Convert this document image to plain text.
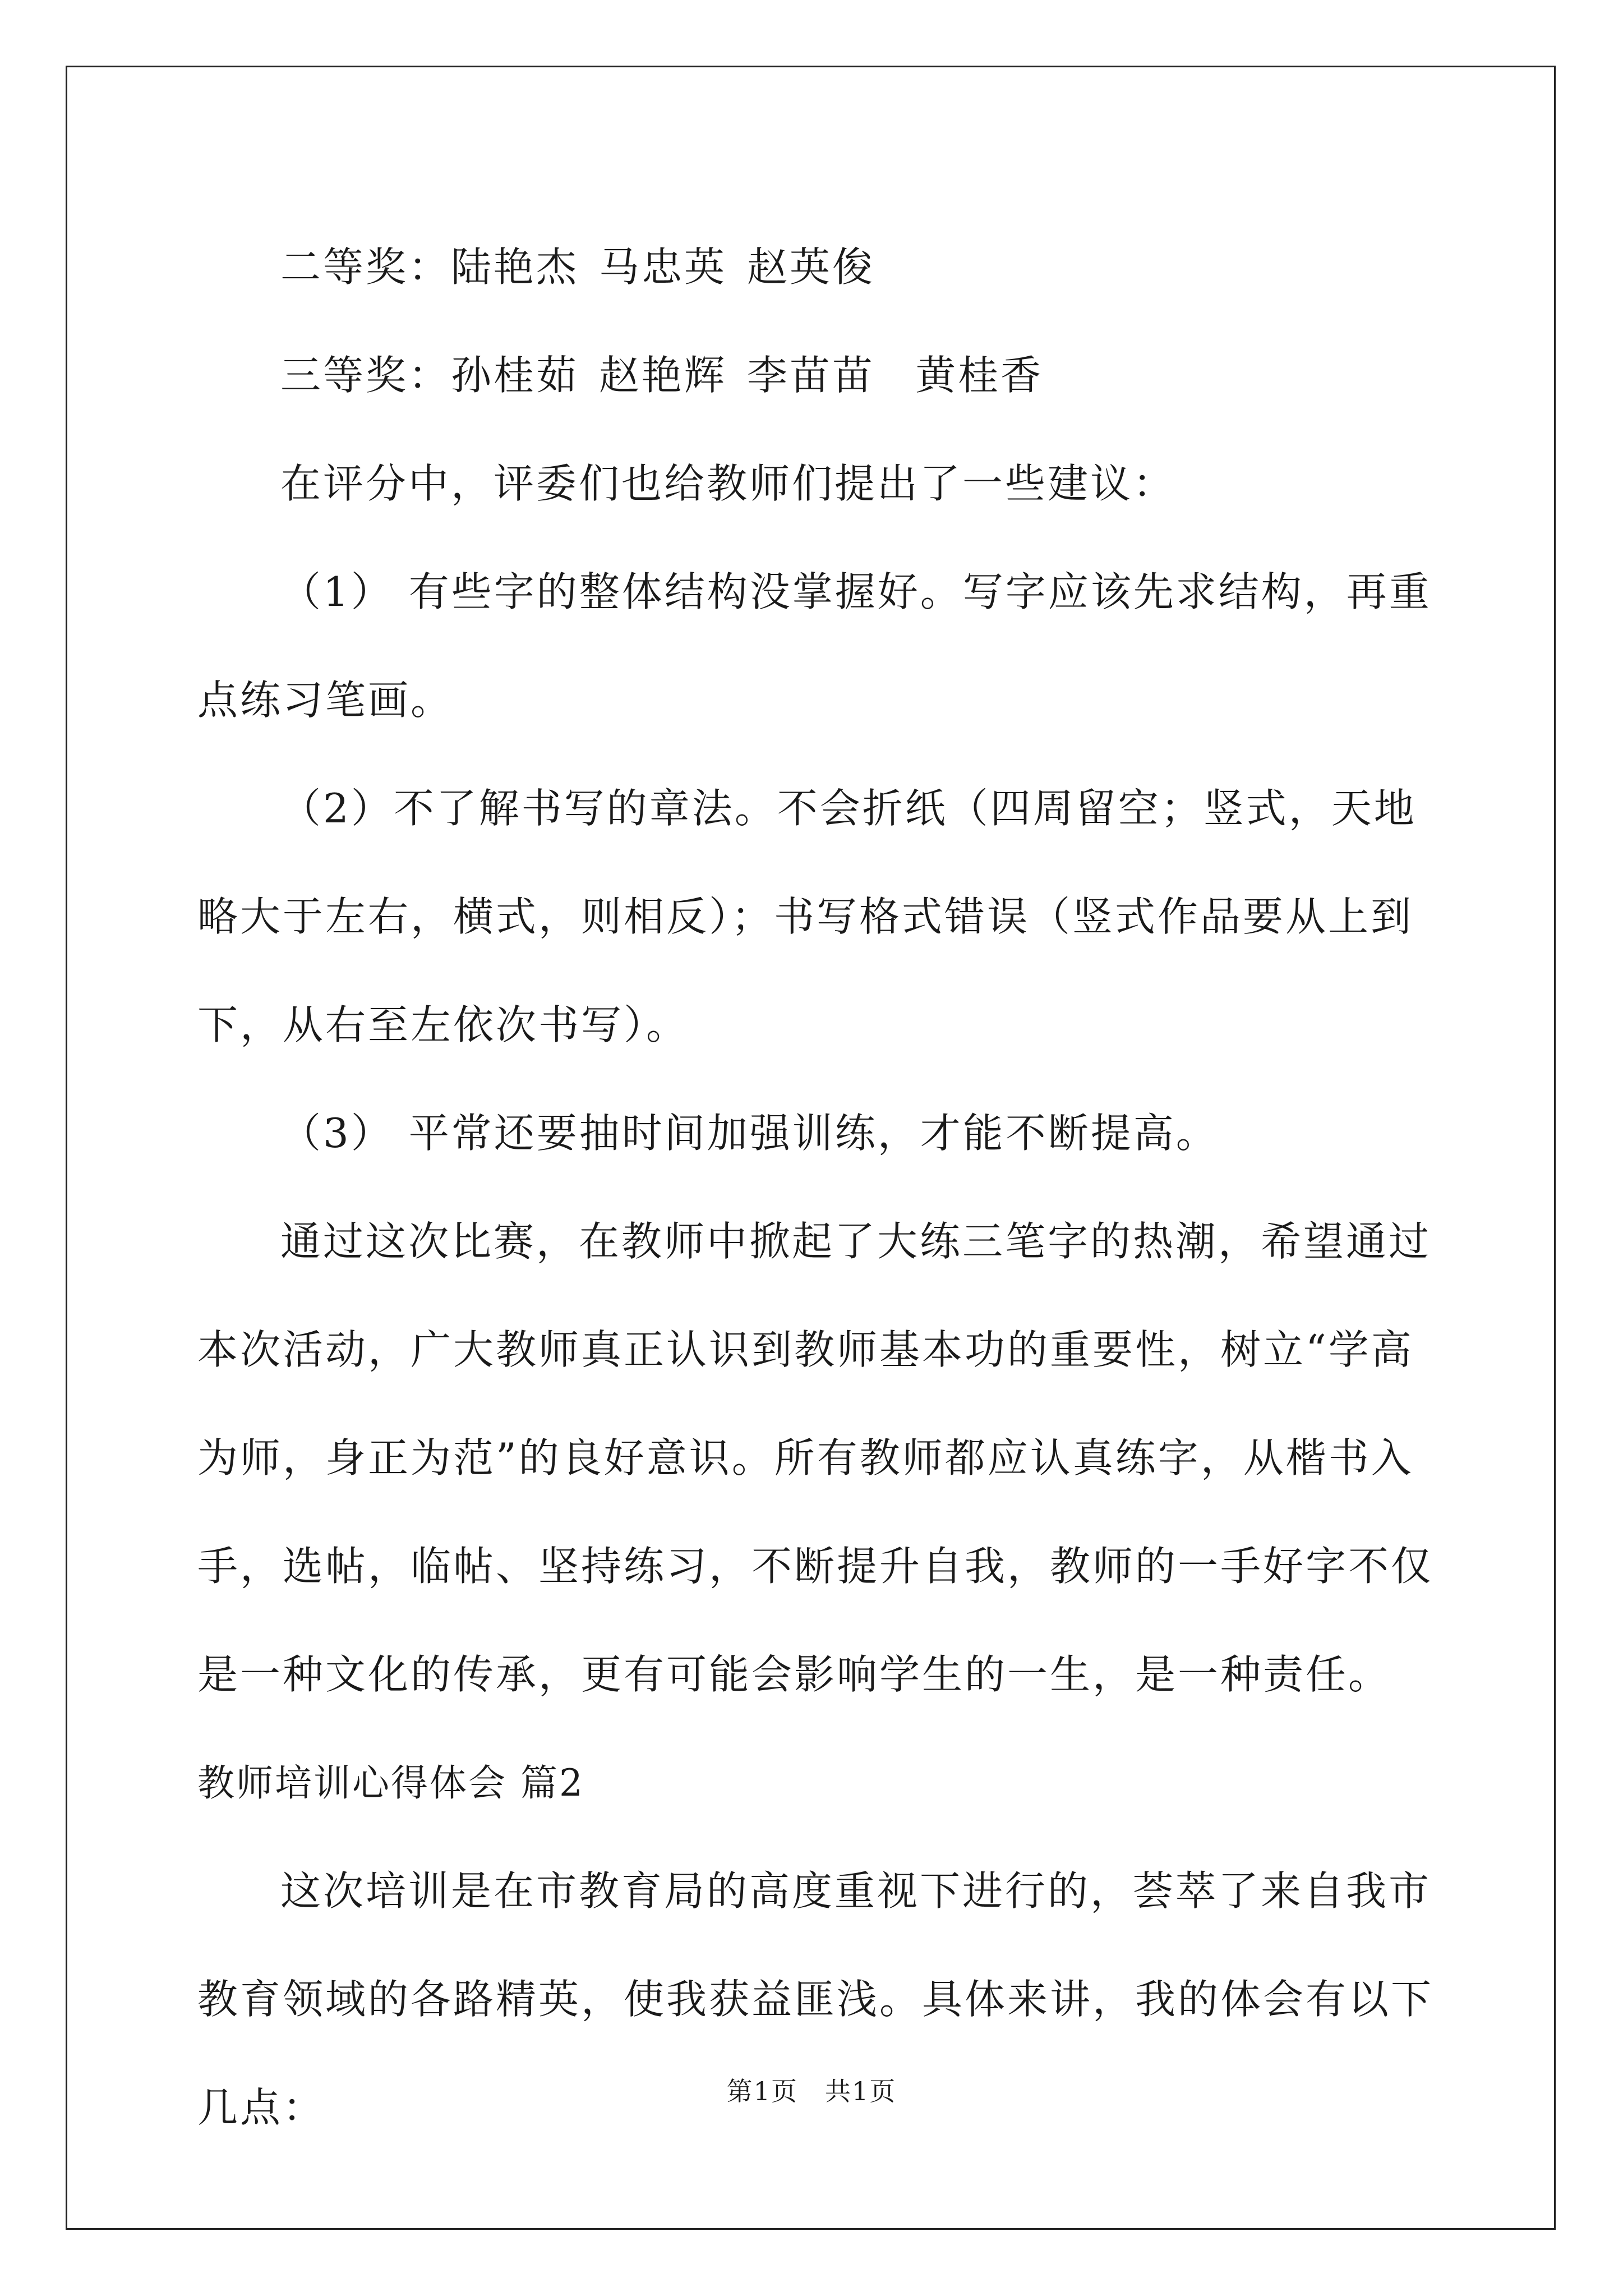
二等奖：陆艳杰 马忠英 赵英俊

三等奖：孙桂茹 赵艳辉 李苗苗 黄桂香

在评分中，评委们也给教师们提出了一些建议：

（1） 有些字的整体结构没掌握好。写字应该先求结构，再重点练习笔画。

（2）不了解书写的章法。不会折纸（四周留空；竖式，天地略大于左右，横式，则相反）；书写格式错误（竖式作品要从上到下，从右至左依次书写）。

（3） 平常还要抽时间加强训练，才能不断提高。

通过这次比赛，在教师中掀起了大练三笔字的热潮，希望通过本次活动，广大教师真正认识到教师基本功的重要性，树立“学高为师，身正为范”的良好意识。所有教师都应认真练字，从楷书入手，选帖，临帖、坚持练习，不断提升自我，教师的一手好字不仅是一种文化的传承，更有可能会影响学生的一生，是一种责任。

教师培训心得体会 篇2

这次培训是在市教育局的高度重视下进行的，荟萃了来自我市教育领域的各路精英，使我获益匪浅。具体来讲，我的体会有以下几点：	第1页 共1页
